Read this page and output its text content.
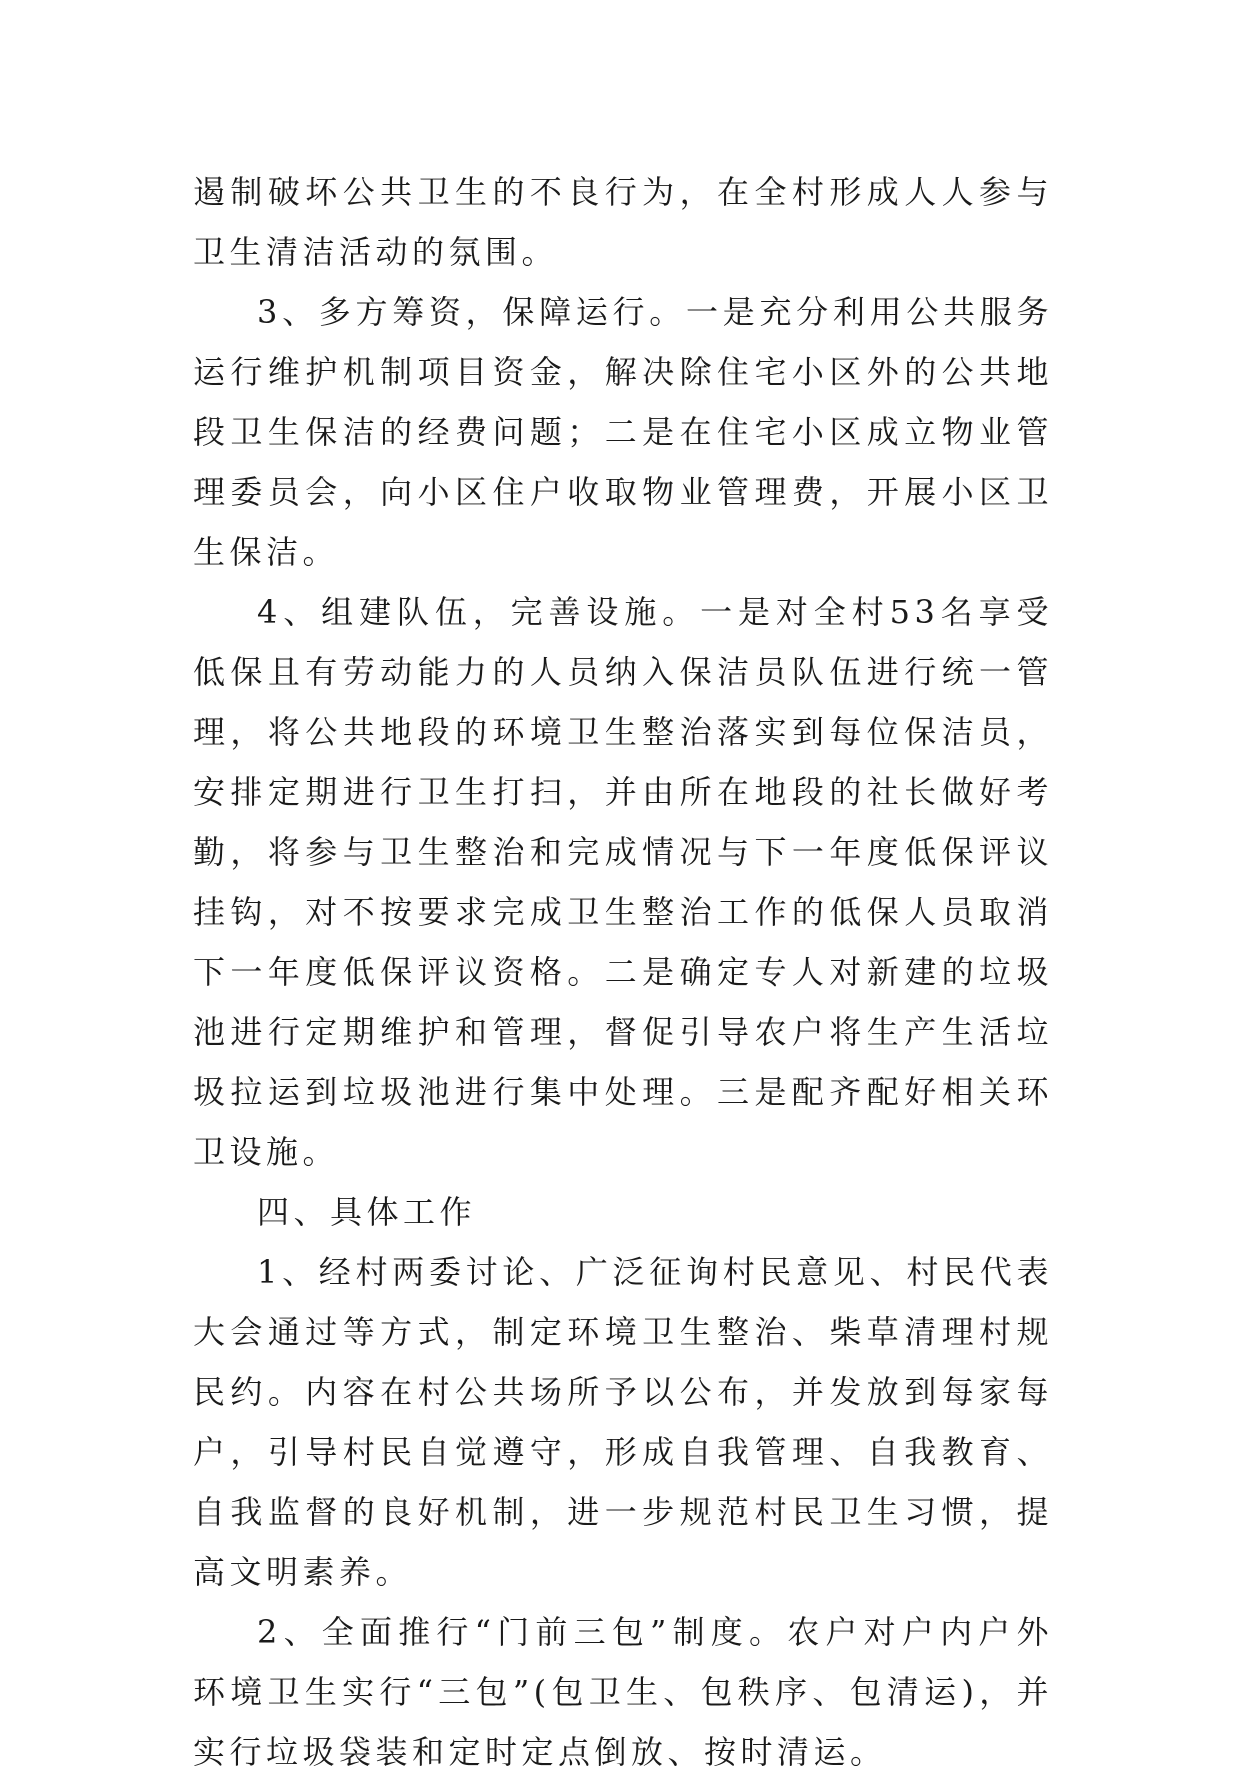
遏制破坏公共卫生的不良行为，在全村形成人人参与卫生清洁活动的氛围。

3、多方筹资，保障运行。一是充分利用公共服务运行维护机制项目资金，解决除住宅小区外的公共地段卫生保洁的经费问题；二是在住宅小区成立物业管理委员会，向小区住户收取物业管理费，开展小区卫生保洁。

4、组建队伍，完善设施。一是对全村53名享受低保且有劳动能力的人员纳入保洁员队伍进行统一管理，将公共地段的环境卫生整治落实到每位保洁员，安排定期进行卫生打扫，并由所在地段的社长做好考勤，将参与卫生整治和完成情况与下一年度低保评议挂钩，对不按要求完成卫生整治工作的低保人员取消下一年度低保评议资格。二是确定专人对新建的垃圾池进行定期维护和管理，督促引导农户将生产生活垃圾拉运到垃圾池进行集中处理。三是配齐配好相关环卫设施。

四、具体工作

1、经村两委讨论、广泛征询村民意见、村民代表大会通过等方式，制定环境卫生整治、柴草清理村规民约。内容在村公共场所予以公布，并发放到每家每户，引导村民自觉遵守，形成自我管理、自我教育、自我监督的良好机制，进一步规范村民卫生习惯，提高文明素养。

2、全面推行“门前三包”制度。农户对户内户外环境卫生实行“三包”(包卫生、包秩序、包清运)，并实行垃圾袋装和定时定点倒放、按时清运。
